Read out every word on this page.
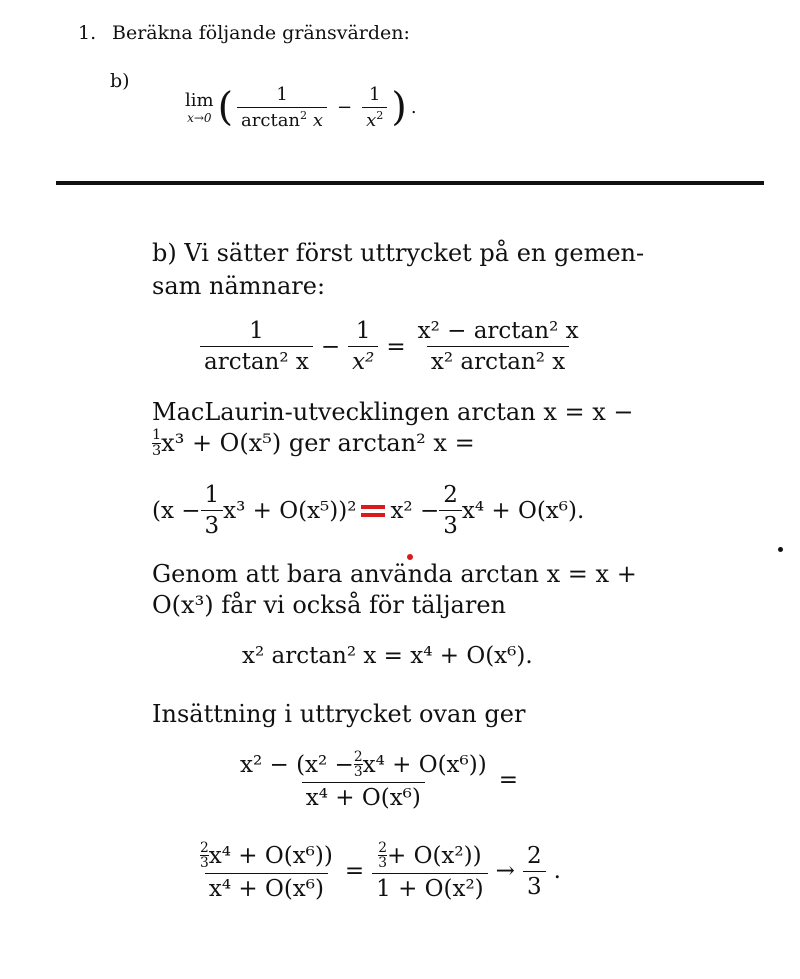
1. Beräkna följande gränsvärden:
b)
lim
x→0 ( $\frac{1}{\arctan^2 x} - \frac{1}{x^2}$ ) .
b) Vi sätter först uttrycket på en gemen-
sam nämnare:
$\frac{1}{\text{arctan² x}} - \frac{1}{\text{x²}} = \frac{\text{x² − arctan² x}}{\text{x² arctan² x}}$
MacLaurin-utvecklingen arctan x = x −
$\frac{1}{3} x^3 + O(x^5)$ ger arctan² x =
$(x - \frac{1}{3} x^3 + O(x^5))^2$ $x^2 - \frac{2}{3} x^4 + O(x^6)$.
Genom att bara använda arctan x = x +
O(x³) får vi också för täljaren
x² arctan² x = x⁴ + O(x⁶).
Insättning i uttrycket ovan ger
$\frac{x^2 - (x^2 - \frac{2}{3} x^4 + O(x^6))}{\text{x⁴ + O(x⁶)}}$ =
$\frac{\frac{2}{3} x^4 + O(x^6))}{\text{x⁴ + O(x⁶)}} = \frac{\frac{2}{3} + O(x^2))}{\text{1 + O(x²)}} \to \frac{2}{3}$ .
